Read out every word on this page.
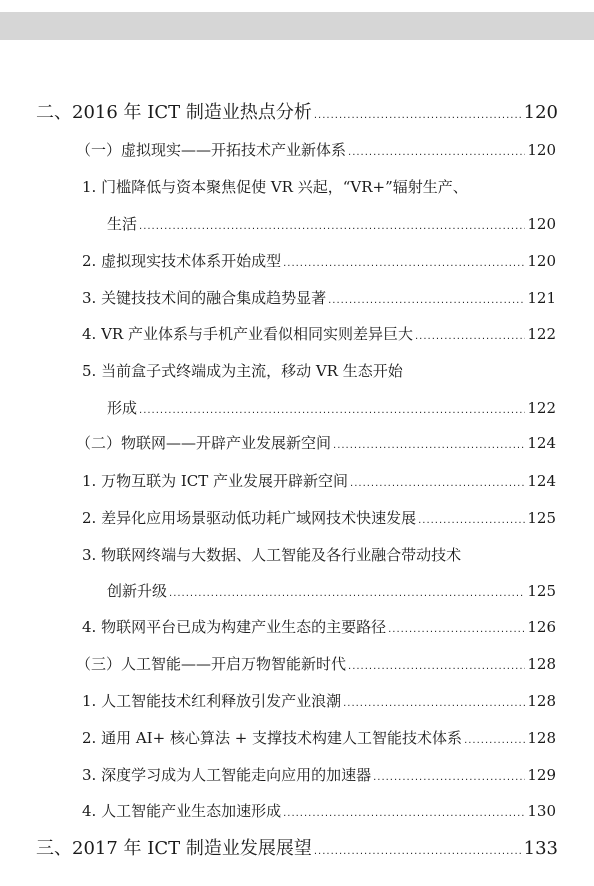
二、2016 年 ICT 制造业热点分析 .....	120
（一）虚拟现实——开拓技术产业新体系 .....	120
1. 门槛降低与资本聚焦促使 VR 兴起，“VR+”辐射生产、
生活 .....	120
2. 虚拟现实技术体系开始成型 .....	120
3. 关键技技术间的融合集成趋势显著 .....	121
4. VR 产业体系与手机产业看似相同实则差异巨大 .....	122
5. 当前盒子式终端成为主流，移动 VR 生态开始
形成 .....	122
（二）物联网——开辟产业发展新空间 .....	124
1. 万物互联为 ICT 产业发展开辟新空间 .....	124
2. 差异化应用场景驱动低功耗广域网技术快速发展 .....	125
3. 物联网终端与大数据、人工智能及各行业融合带动技术
创新升级 .....	125
4. 物联网平台已成为构建产业生态的主要路径 .....	126
（三）人工智能——开启万物智能新时代 .....	128
1. 人工智能技术红利释放引发产业浪潮 .....	128
2. 通用 AI+ 核心算法 + 支撑技术构建人工智能技术体系 .....	128
3. 深度学习成为人工智能走向应用的加速器 .....	129
4. 人工智能产业生态加速形成 .....	130
三、2017 年 ICT 制造业发展展望 .....	133
